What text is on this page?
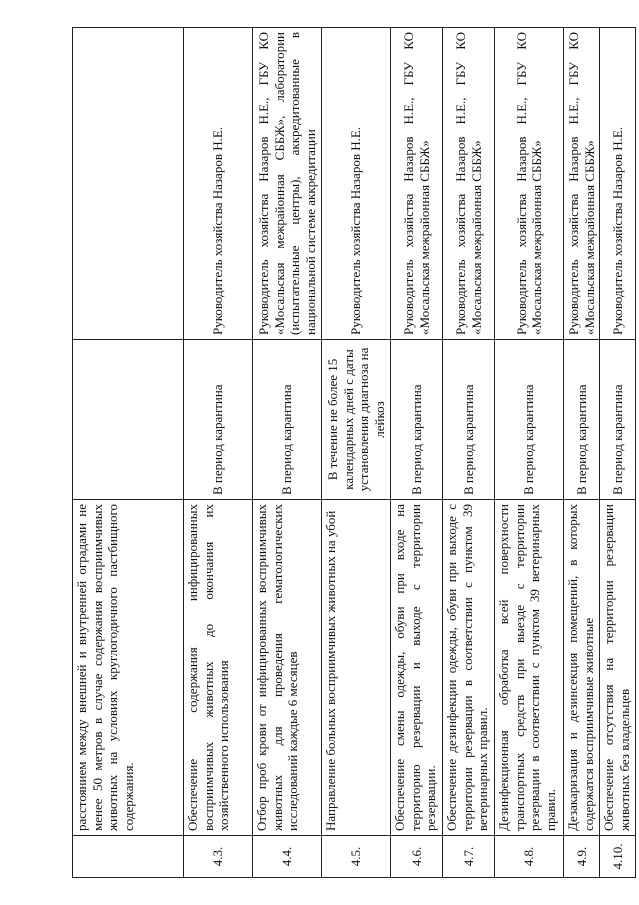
	расстоянием между внешней и внутренней оградами не менее 50 метров в случае содержания восприимчивых животных на условиях круглогодичного пастбищного содержания.		
4.3.	Обеспечение содержания инфицированных восприимчивых животных до окончания их хозяйственного использования	В период карантина	Руководитель хозяйства Назаров Н.Е.
4.4.	Отбор проб крови от инфицированных восприимчивых животных для проведения гематологических исследований каждые 6 месяцев	В период карантина	Руководитель хозяйства Назаров Н.Е., ГБУ КО «Мосальская межрайонная СББЖ», лаборатории (испытательные центры), аккредитованные в национальной системе аккредитации
4.5.	Направление больных восприимчивых животных на убой	В течение не более 15 календарных дней с даты установления диагноза на лейкоз	Руководитель хозяйства Назаров Н.Е.
4.6.	Обеспечение смены одежды, обуви при входе на территорию резервации и выходе с территории резервации.	В период карантина	Руководитель хозяйства Назаров Н.Е., ГБУ КО «Мосальская межрайонная СББЖ»
4.7.	Обеспечение дезинфекции одежды, обуви при выходе с территории резервации в соответствии с пунктом 39 ветеринарных правил.	В период карантина	Руководитель хозяйства Назаров Н.Е., ГБУ КО «Мосальская межрайонная СББЖ»
4.8.	Дезинфекционная обработка всей поверхности транспортных средств при выезде с территории резервации в соответствии с пунктом 39 ветеринарных правил.	В период карантина	Руководитель хозяйства Назаров Н.Е., ГБУ КО «Мосальская межрайонная СББЖ»
4.9.	Дезакаризация и дезинсекция помещений, в которых содержатся восприимчивые животные	В период карантина	Руководитель хозяйства Назаров Н.Е., ГБУ КО «Мосальская межрайонная СББЖ»
4.10.	Обеспечение отсутствия на территории резервации животных без владельцев	В период карантина	Руководитель хозяйства Назаров Н.Е.
